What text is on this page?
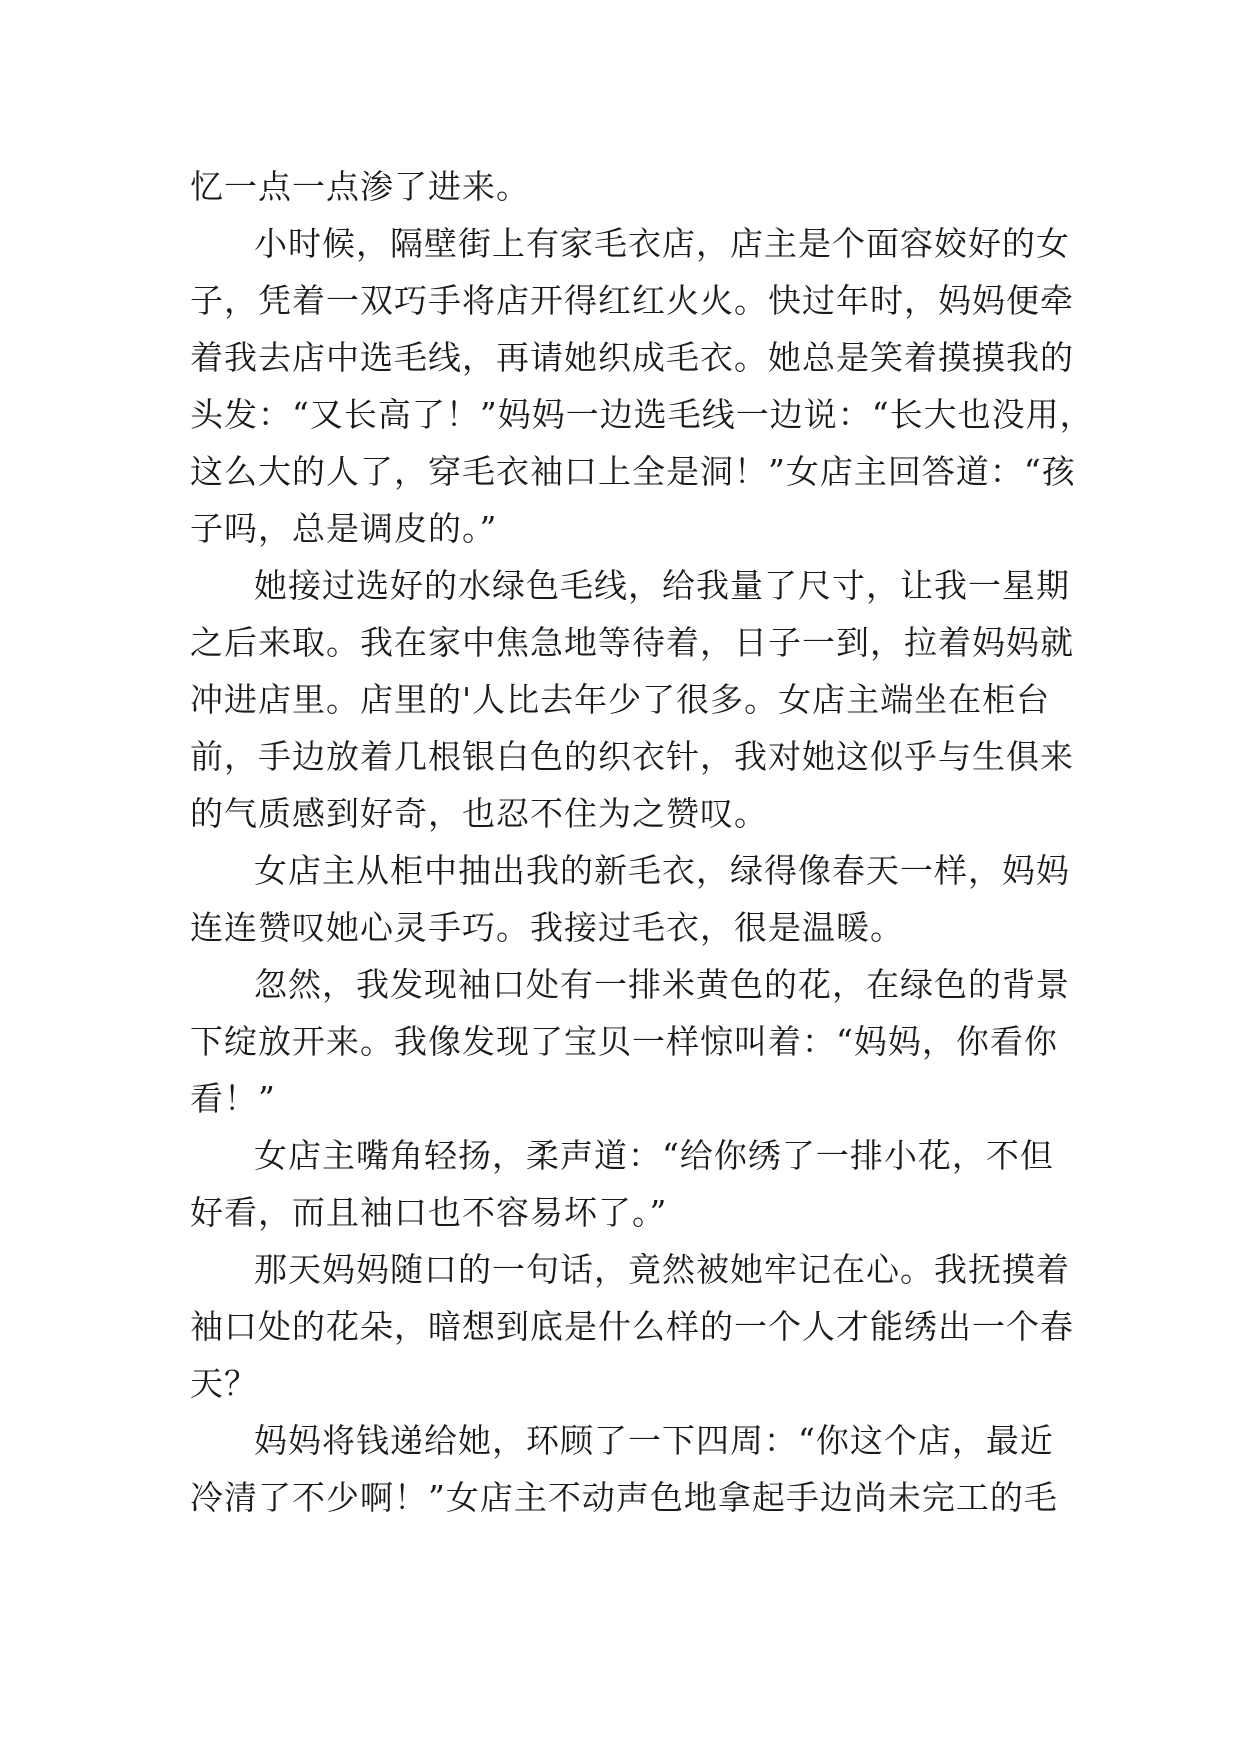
忆一点一点渗了进来。
小时候，隔壁街上有家毛衣店，店主是个面容姣好的女
子，凭着一双巧手将店开得红红火火。快过年时，妈妈便牵
着我去店中选毛线，再请她织成毛衣。她总是笑着摸摸我的
头发：“又长高了！”妈妈一边选毛线一边说：“长大也没用，
这么大的人了，穿毛衣袖口上全是洞！”女店主回答道：“孩
子吗，总是调皮的。”
她接过选好的水绿色毛线，给我量了尺寸，让我一星期
之后来取。我在家中焦急地等待着，日子一到，拉着妈妈就
冲进店里。店里的'人比去年少了很多。女店主端坐在柜台
前，手边放着几根银白色的织衣针，我对她这似乎与生俱来
的气质感到好奇，也忍不住为之赞叹。
女店主从柜中抽出我的新毛衣，绿得像春天一样，妈妈
连连赞叹她心灵手巧。我接过毛衣，很是温暖。
忽然，我发现袖口处有一排米黄色的花，在绿色的背景
下绽放开来。我像发现了宝贝一样惊叫着：“妈妈，你看你
看！”
女店主嘴角轻扬，柔声道：“给你绣了一排小花，不但
好看，而且袖口也不容易坏了。”
那天妈妈随口的一句话，竟然被她牢记在心。我抚摸着
袖口处的花朵，暗想到底是什么样的一个人才能绣出一个春
天？
妈妈将钱递给她，环顾了一下四周：“你这个店，最近
冷清了不少啊！”女店主不动声色地拿起手边尚未完工的毛
